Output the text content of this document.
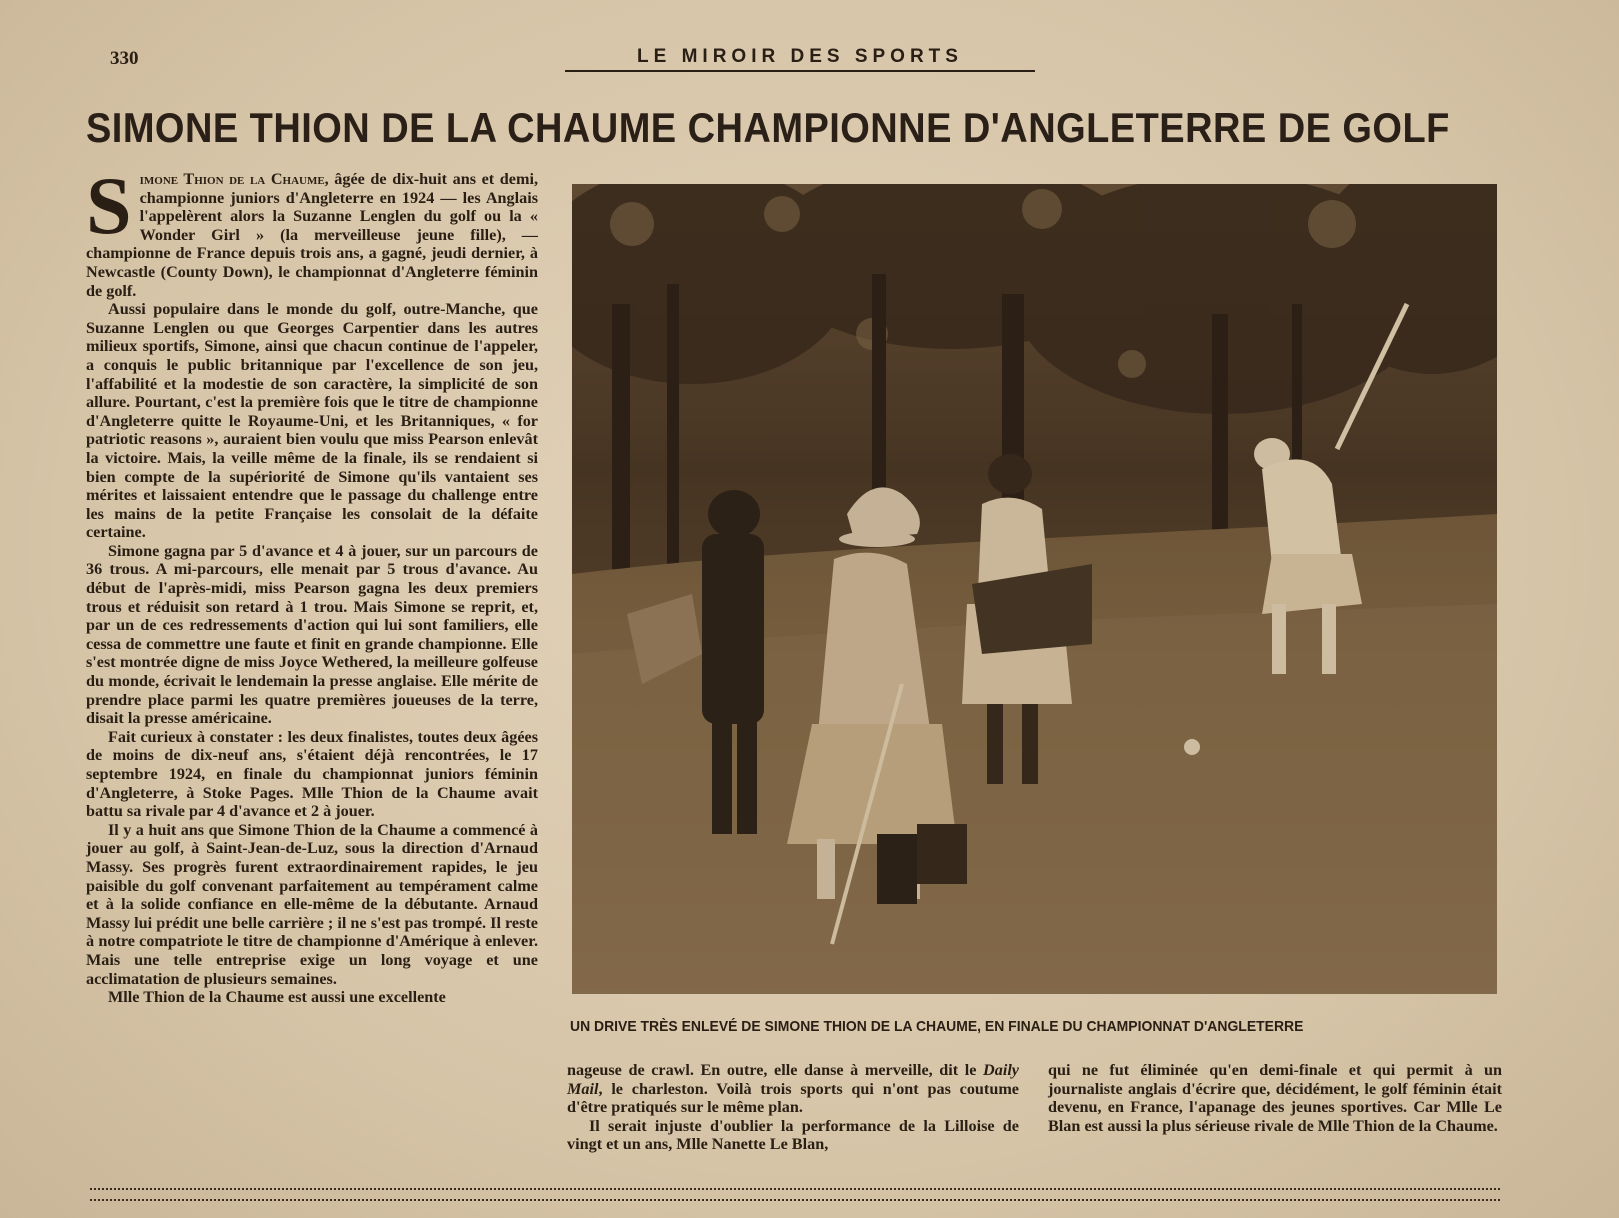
330	LE MIROIR DES SPORTS
SIMONE THION DE LA CHAUME CHAMPIONNE D'ANGLETERRE DE GOLF

Simone Thion de la Chaume, âgée de dix-huit ans et demi, championne juniors d'Angleterre en 1924 — les Anglais l'appelèrent alors la Suzanne Lenglen du golf ou la « Wonder Girl » (la merveilleuse jeune fille), — championne de France depuis trois ans, a gagné, jeudi dernier, à Newcastle (County Down), le championnat d'Angleterre féminin de golf.

Aussi populaire dans le monde du golf, outre-Manche, que Suzanne Lenglen ou que Georges Carpentier dans les autres milieux sportifs, Simone, ainsi que chacun continue de l'appeler, a conquis le public britannique par l'excellence de son jeu, l'affabilité et la modestie de son caractère, la simplicité de son allure. Pourtant, c'est la première fois que le titre de championne d'Angleterre quitte le Royaume-Uni, et les Britanniques, « for patriotic reasons », auraient bien voulu que miss Pearson enlevât la victoire. Mais, la veille même de la finale, ils se rendaient si bien compte de la supériorité de Simone qu'ils vantaient ses mérites et laissaient entendre que le passage du challenge entre les mains de la petite Française les consolait de la défaite certaine.

Simone gagna par 5 d'avance et 4 à jouer, sur un parcours de 36 trous. A mi-parcours, elle menait par 5 trous d'avance. Au début de l'après-midi, miss Pearson gagna les deux premiers trous et réduisit son retard à 1 trou. Mais Simone se reprit, et, par un de ces redressements d'action qui lui sont familiers, elle cessa de commettre une faute et finit en grande championne. Elle s'est montrée digne de miss Joyce Wethered, la meilleure golfeuse du monde, écrivait le lendemain la presse anglaise. Elle mérite de prendre place parmi les quatre premières joueuses de la terre, disait la presse américaine.

Fait curieux à constater : les deux finalistes, toutes deux âgées de moins de dix-neuf ans, s'étaient déjà rencontrées, le 17 septembre 1924, en finale du championnat juniors féminin d'Angleterre, à Stoke Pages. Mlle Thion de la Chaume avait battu sa rivale par 4 d'avance et 2 à jouer.

Il y a huit ans que Simone Thion de la Chaume a commencé à jouer au golf, à Saint-Jean-de-Luz, sous la direction d'Arnaud Massy. Ses progrès furent extraordinairement rapides, le jeu paisible du golf convenant parfaitement au tempérament calme et à la solide confiance en elle-même de la débutante. Arnaud Massy lui prédit une belle carrière ; il ne s'est pas trompé. Il reste à notre compatriote le titre de championne d'Amérique à enlever. Mais une telle entreprise exige un long voyage et une acclimatation de plusieurs semaines.

Mlle Thion de la Chaume est aussi une excellente

UN DRIVE TRÈS ENLEVÉ DE SIMONE THION DE LA CHAUME, EN FINALE DU CHAMPIONNAT D'ANGLETERRE

nageuse de crawl. En outre, elle danse à merveille, dit le Daily Mail, le charleston. Voilà trois sports qui n'ont pas coutume d'être pratiqués sur le même plan.

Il serait injuste d'oublier la performance de la Lilloise de vingt et un ans, Mlle Nanette Le Blan,

qui ne fut éliminée qu'en demi-finale et qui permit à un journaliste anglais d'écrire que, décidément, le golf féminin était devenu, en France, l'apanage des jeunes sportives. Car Mlle Le Blan est aussi la plus sérieuse rivale de Mlle Thion de la Chaume.
